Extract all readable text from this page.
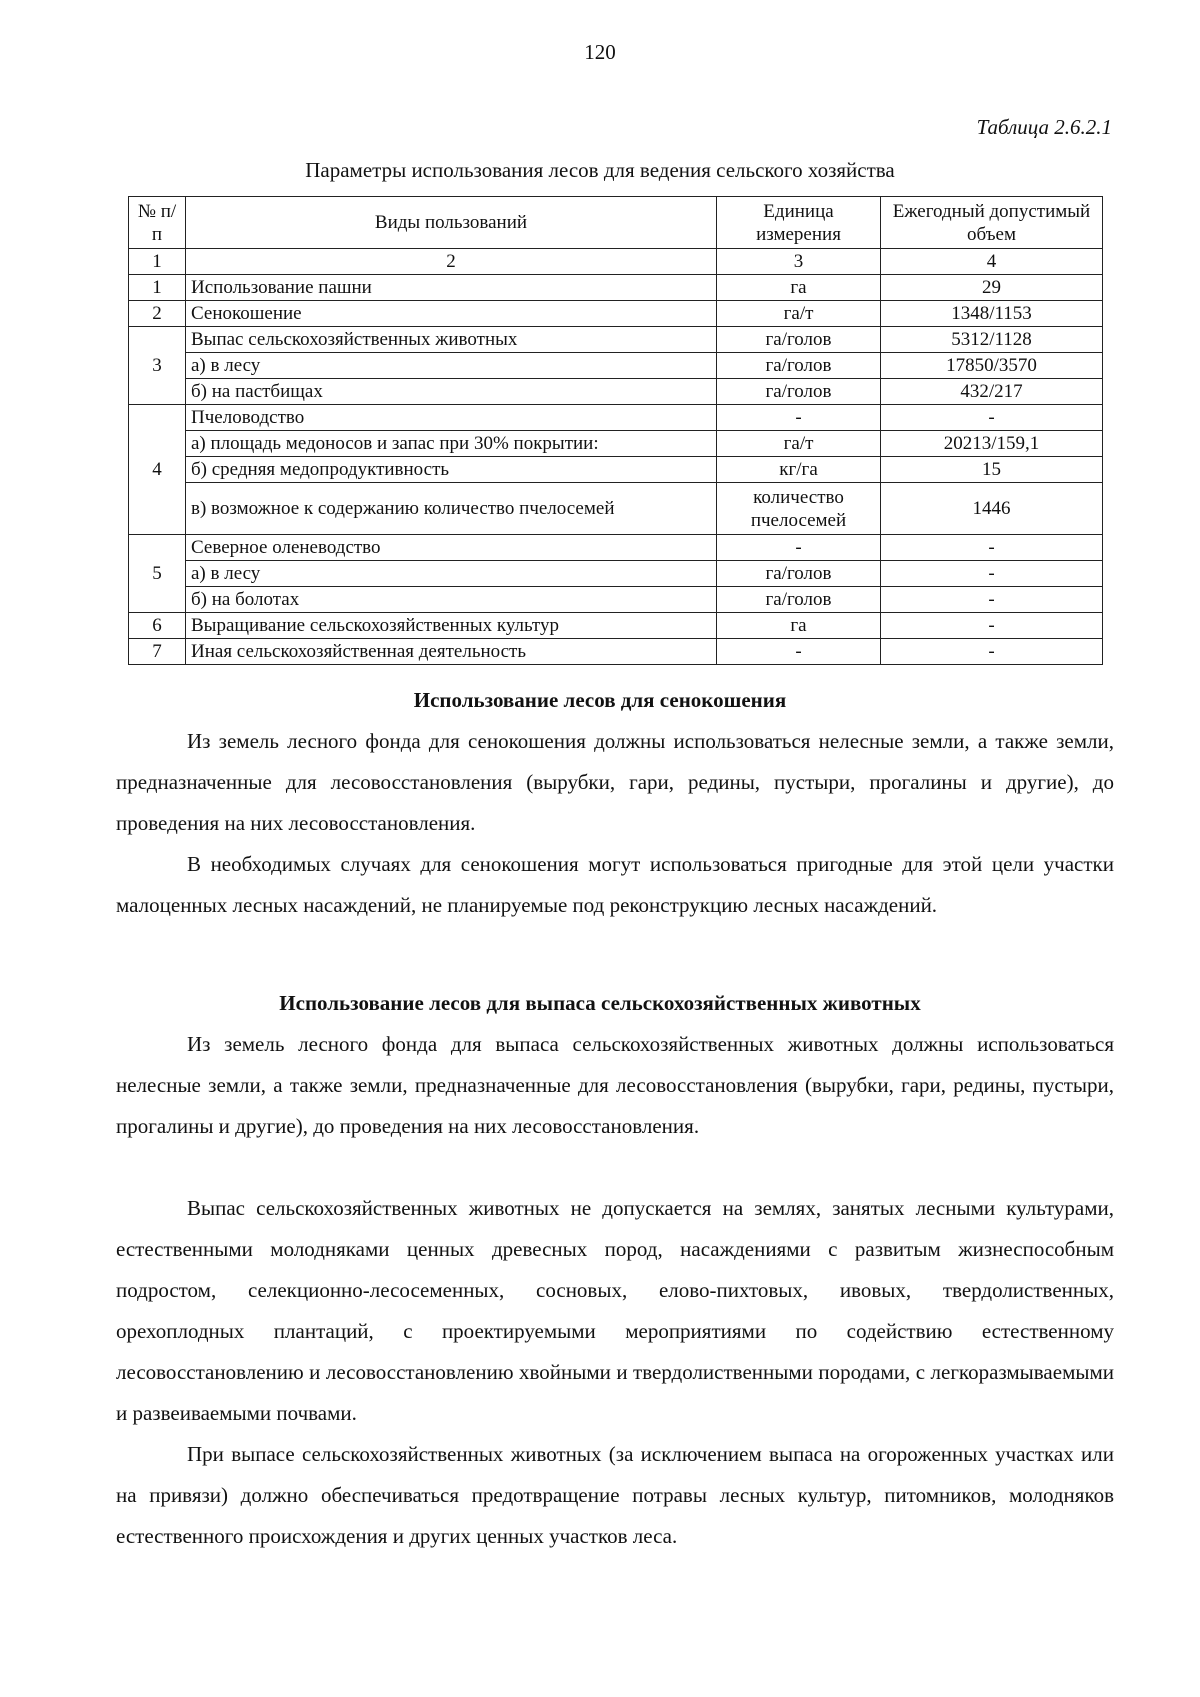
120
Таблица 2.6.2.1
Параметры использования лесов для ведения сельского хозяйства
№ п/п	Виды пользований	Единица измерения	Ежегодный допустимый объем
1	2	3	4
1	Использование пашни	га	29
2	Сенокошение	га/т	1348/1153
3	Выпас сельскохозяйственных животных	га/голов	5312/1128
	а) в лесу	га/голов	17850/3570
	б) на пастбищах	га/голов	432/217
4	Пчеловодство	-	-
	а) площадь медоносов и запас при 30% покрытии:	га/т	20213/159,1
	б) средняя медопродуктивность	кг/га	15
	в) возможное к содержанию количество пчелосемей	количество пчелосемей	1446
5	Северное оленеводство	-	-
	а) в лесу	га/голов	-
	б) на болотах	га/голов	-
6	Выращивание сельскохозяйственных культур	га	-
7	Иная сельскохозяйственная деятельность	-	-
Использование лесов для сенокошения

Из земель лесного фонда для сенокошения должны использоваться нелесные земли, а также земли, предназначенные для лесовосстановления (вырубки, гари, редины, пустыри, прогалины и другие), до проведения на них лесовосстановления.

В необходимых случаях для сенокошения могут использоваться пригодные для этой цели участки малоценных лесных насаждений, не планируемые под реконструкцию лесных насаждений.

Использование лесов для выпаса сельскохозяйственных животных

Из земель лесного фонда для выпаса сельскохозяйственных животных должны использоваться нелесные земли, а также земли, предназначенные для лесовосстановления (вырубки, гари, редины, пустыри, прогалины и другие), до проведения на них лесовосстановления.

Выпас сельскохозяйственных животных не допускается на землях, занятых лесными культурами, естественными молодняками ценных древесных пород, насаждениями с развитым жизнеспособным подростом, селекционно-лесосеменных, сосновых, елово-пихтовых, ивовых, твердолиственных, орехоплодных плантаций, с проектируемыми мероприятиями по содействию естественному лесовосстановлению и лесовосстановлению хвойными и твердолиственными породами, с легкоразмываемыми и развеиваемыми почвами.

При выпасе сельскохозяйственных животных (за исключением выпаса на огороженных участках или на привязи) должно обеспечиваться предотвращение потравы лесных культур, питомников, молодняков естественного происхождения и других ценных участков леса.
